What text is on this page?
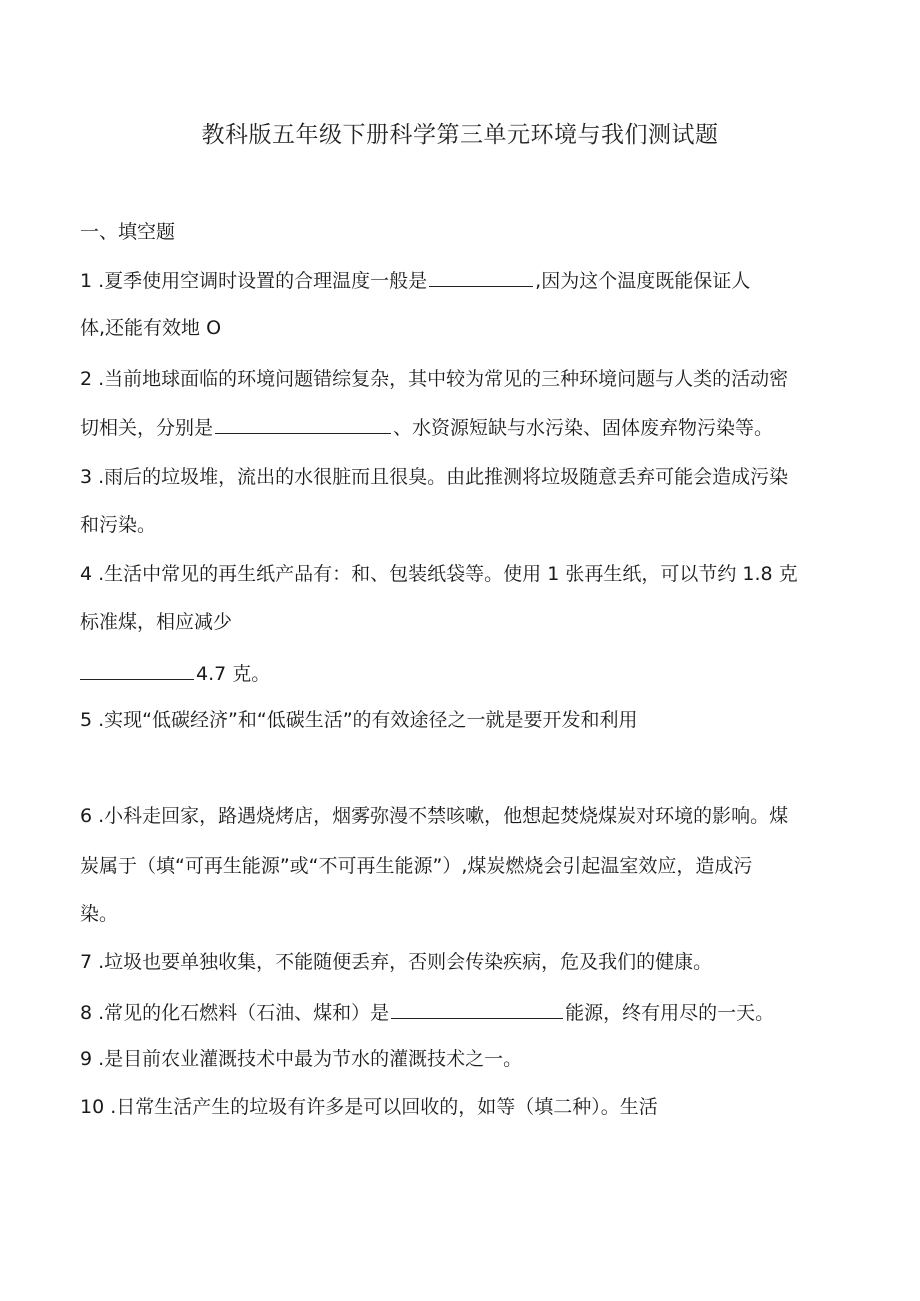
教科版五年级下册科学第三单元环境与我们测试题
一、填空题
1 .夏季使用空调时设置的合理温度一般是	,因为这个温度既能保证人
体,还能有效地 O
2 .当前地球面临的环境问题错综复杂，其中较为常见的三种环境问题与人类的活动密
切相关，分别是	、水资源短缺与水污染、固体废弃物污染等。
3 .雨后的垃圾堆，流出的水很脏而且很臭。由此推测将垃圾随意丢弃可能会造成污染
和污染。
4 .生活中常见的再生纸产品有：和、包装纸袋等。使用 1 张再生纸，可以节约 1.8 克
标准煤，相应减少
4.7 克。
5 .实现“低碳经济”和“低碳生活”的有效途径之一就是要开发和利用
6 .小科走回家，路遇烧烤店，烟雾弥漫不禁咳嗽，他想起焚烧煤炭对环境的影响。煤
炭属于（填“可再生能源”或“不可再生能源”）,煤炭燃烧会引起温室效应，造成污
染。
7 .垃圾也要单独收集，不能随便丢弃，否则会传染疾病，危及我们的健康。
8 .常见的化石燃料（石油、煤和）是	能源，终有用尽的一天。
9 .是目前农业灌溉技术中最为节水的灌溉技术之一。
10 .日常生活产生的垃圾有许多是可以回收的，如等（填二种）。生活
